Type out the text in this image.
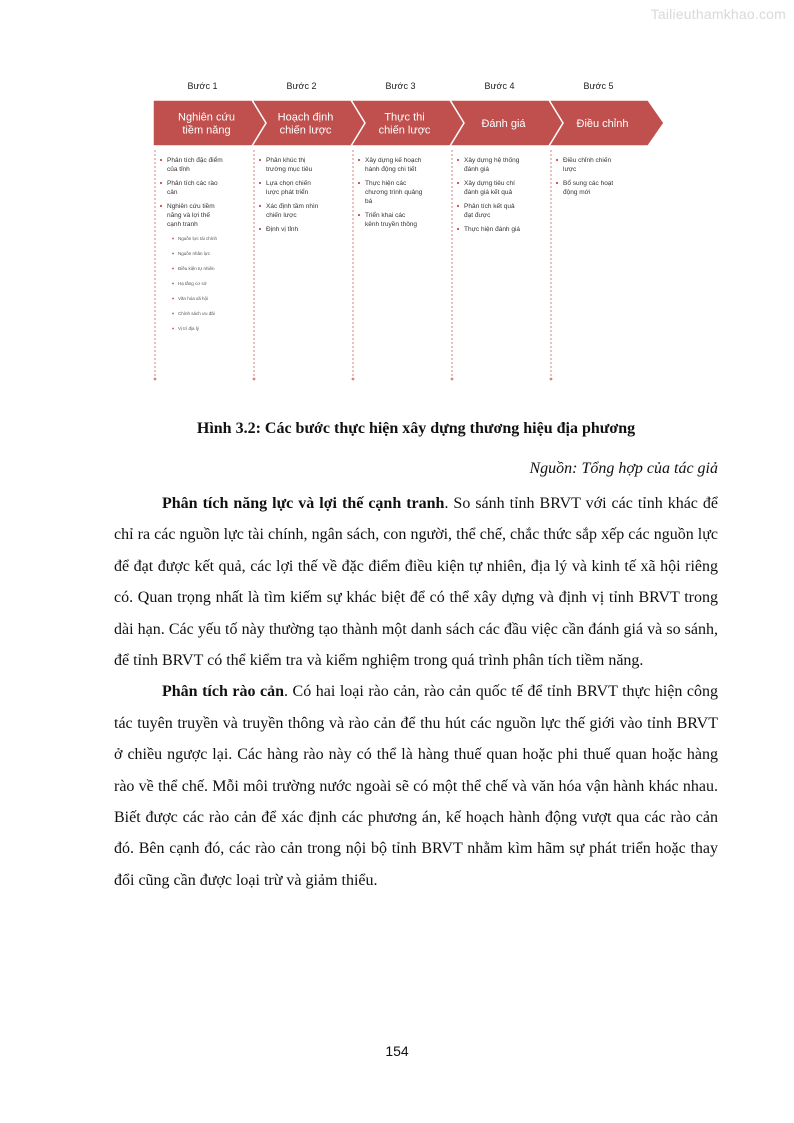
Tailieuthamkhao.com
Bước 1
Nghiên cứu
tiềm năng
Phân tích đặc điểm
của tỉnh
Phân tích các rào
cản
Nghiên cứu tiềm
năng và lợi thế
cạnh tranh
Nguồn lực tài chính
Nguồn nhân lực
Điều kiện tự nhiên
Hạ tầng cơ sở
Văn hóa xã hội
Chính sách ưu đãi
Vị trí địa lý
Bước 2
Hoạch định
chiến lược
Phân khúc thị
trường mục tiêu
Lựa chọn chiến
lược phát triển
Xác định tầm nhìn
chiến lược
Định vị tỉnh
Bước 3
Thực thi
chiến lược
Xây dựng kế hoạch
hành động chi tiết
Thực hiện các
chương trình quảng
bá
Triển khai các
kênh truyền thông
Bước 4
Đánh giá
Xây dựng hệ thống
đánh giá
Xây dựng tiêu chí
đánh giá kết quả
Phân tích kết quả
đạt được
Thực hiện đánh giá
Bước 5
Điều chỉnh
Điều chỉnh chiến
lược
Bổ sung các hoạt
động mới
Hình 3.2: Các bước thực hiện xây dựng thương hiệu địa phương
Nguồn: Tổng hợp của tác giả

Phân tích năng lực và lợi thế cạnh tranh. So sánh tỉnh BRVT với các tỉnh khác để chỉ ra các nguồn lực tài chính, ngân sách, con người, thể chế, chắc thức sắp xếp các nguồn lực để đạt được kết quả, các lợi thế về đặc điểm điều kiện tự nhiên, địa lý và kinh tế xã hội riêng có. Quan trọng nhất là tìm kiếm sự khác biệt để có thể xây dựng và định vị tỉnh BRVT trong dài hạn. Các yếu tố này thường tạo thành một danh sách các đầu việc cần đánh giá và so sánh, để tỉnh BRVT có thể kiểm tra và kiểm nghiệm trong quá trình phân tích tiềm năng.

Phân tích rào cản. Có hai loại rào cản, rào cản quốc tế để tỉnh BRVT thực hiện công tác tuyên truyền và truyền thông và rào cản để thu hút các nguồn lực thế giới vào tỉnh BRVT ở chiều ngược lại. Các hàng rào này có thể là hàng thuế quan hoặc phi thuế quan hoặc hàng rào về thể chế. Mỗi môi trường nước ngoài sẽ có một thể chế và văn hóa vận hành khác nhau. Biết được các rào cản để xác định các phương án, kế hoạch hành động vượt qua các rào cản đó. Bên cạnh đó, các rào cản trong nội bộ tỉnh BRVT nhằm kìm hãm sự phát triển hoặc thay đổi cũng cần được loại trừ và giảm thiểu.

154
